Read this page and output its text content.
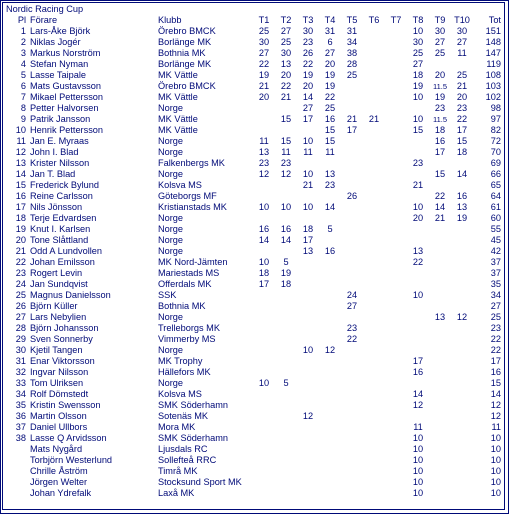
Nordic Racing Cup
Pl	Förare	Klubb	T1	T2	T3	T4	T5	T6	T7	T8	T9	T10	Tot
1	Lars-Åke Björk	Örebro BMCK	25	27	30	31	31			10	30	30	151
2	Niklas Jogér	Borlänge MK	30	25	23	6	34			30	27	27	148
3	Markus Norström	Bothnia MK	27	30	26	27	38			25	25	11	147
4	Stefan Nyman	Borlänge MK	22	13	22	20	28			27			119
5	Lasse Taipale	MK Vättle	19	20	19	19	25			18	20	25	108
6	Mats Gustavsson	Örebro BMCK	21	22	20	19				19	11.5	21	103
7	Mikael Pettersson	MK Vättle	20	21	14	22				10	19	20	102
8	Petter Halvorsen	Norge			27	25					23	23	98
9	Patrik Jansson	MK Vättle		15	17	16	21	21		10	11.5	22	97
10	Henrik Pettersson	MK Vättle				15	17			15	18	17	82
11	Jan E. Myraas	Norge	11	15	10	15					16	15	72
12	John I. Blad	Norge	13	11	11	11					17	18	70
13	Krister Nilsson	Falkenbergs MK	23	23						23			69
14	Jan T. Blad	Norge	12	12	10	13					15	14	66
15	Frederick Bylund	Kolsva MS			21	23				21			65
16	Reine Carlsson	Göteborgs MF					26				22	16	64
17	Nils Jönsson	Kristianstads MK	10	10	10	14				10	14	13	61
18	Terje Edvardsen	Norge								20	21	19	60
19	Knut I. Karlsen	Norge	16	16	18	5							55
20	Tone Slåttland	Norge	14	14	17								45
21	Odd A Lundvollen	Norge			13	16				13			42
22	Johan Emilsson	MK Nord-Jämten	10	5						22			37
23	Rogert Levin	Mariestads MS	18	19									37
24	Jan Sundqvist	Offerdals MK	17	18									35
25	Magnus Danielsson	SSK					24			10			34
26	Björn Küller	Bothnia MK					27						27
27	Lars Nebylien	Norge									13	12	25
28	Björn Johansson	Trelleborgs MK					23						23
29	Sven Sonnerby	Vimmerby MS					22						22
30	Kjetil Tangen	Norge			10	12							22
31	Enar Viktorsson	MK Trophy								17			17
32	Ingvar Nilsson	Hällefors MK								16			16
33	Tom Ulriksen	Norge	10	5									15
34	Rolf Dömstedt	Kolsva MS								14			14
35	Kristin Swensson	SMK Söderhamn								12			12
36	Martin Olsson	Sotenäs MK			12								12
37	Daniel Ullbors	Mora MK								11			11
38	Lasse Q Arvidsson	SMK Söderhamn								10			10
	Mats Nygård	Ljusdals RC								10			10
	Torbjörn Westerlund	Sollefteå RRC								10			10
	Chrille Åström	Timrå MK								10			10
	Jörgen Welter	Stocksund Sport MK								10			10
	Johan Ydrefalk	Laxå MK								10			10
